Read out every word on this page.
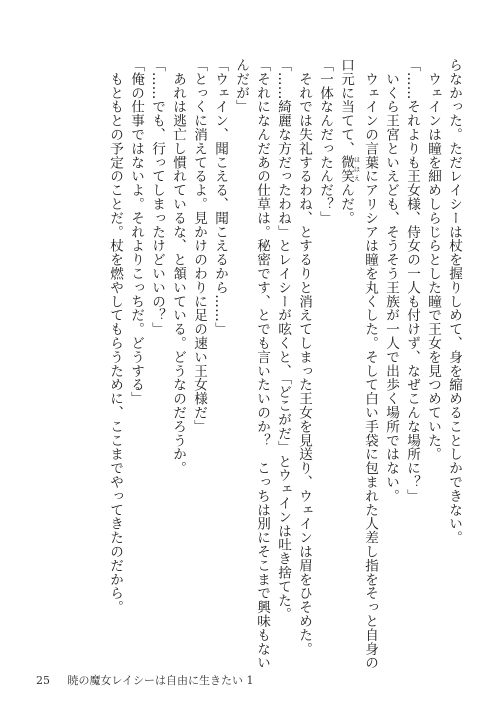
らなかった。ただレイシーは杖を握りしめて、身を縮めることしかできない。
　ウェインは瞳を細めしらじらとした瞳で王女を見つめていた。
「……それよりも王女様、侍女の一人も付けず、なぜこんな場所に？」
　いくら王宮といえども、そうそう王族が一人で出歩く場所ではない。
　ウェインの言葉にアリシアは瞳を丸くした。そして白い手袋に包まれた人差し指をそっと自身の
口元に当てて、微笑ほほえんだ。
「一体なんだったんだ？」
　それでは失礼するわね、とするりと消えてしまった王女を見送り、ウェインは眉をひそめた。
「……綺麗な方だったわね」とレイシーが呟くと、「どこがだ」とウェインは吐き捨てた。
「それになんだあの仕草は。秘密です、とでも言いたいのか？　こっちは別にそこまで興味もない
んだが」
「ウェイン、聞こえる、聞こえるから……」
「とっくに消えてるよ。見かけのわりに足の速い王女様だ」
　あれは逃亡し慣れているな、と頷いている。どうなのだろうか。
「……でも、行ってしまったけどいいの？」
「俺の仕事ではないよ。それよりこっちだ。どうする」
　もともとの予定のことだ。杖を燃やしてもらうために、ここまでやってきたのだから。
25 暁の魔女レイシーは自由に生きたい 1
